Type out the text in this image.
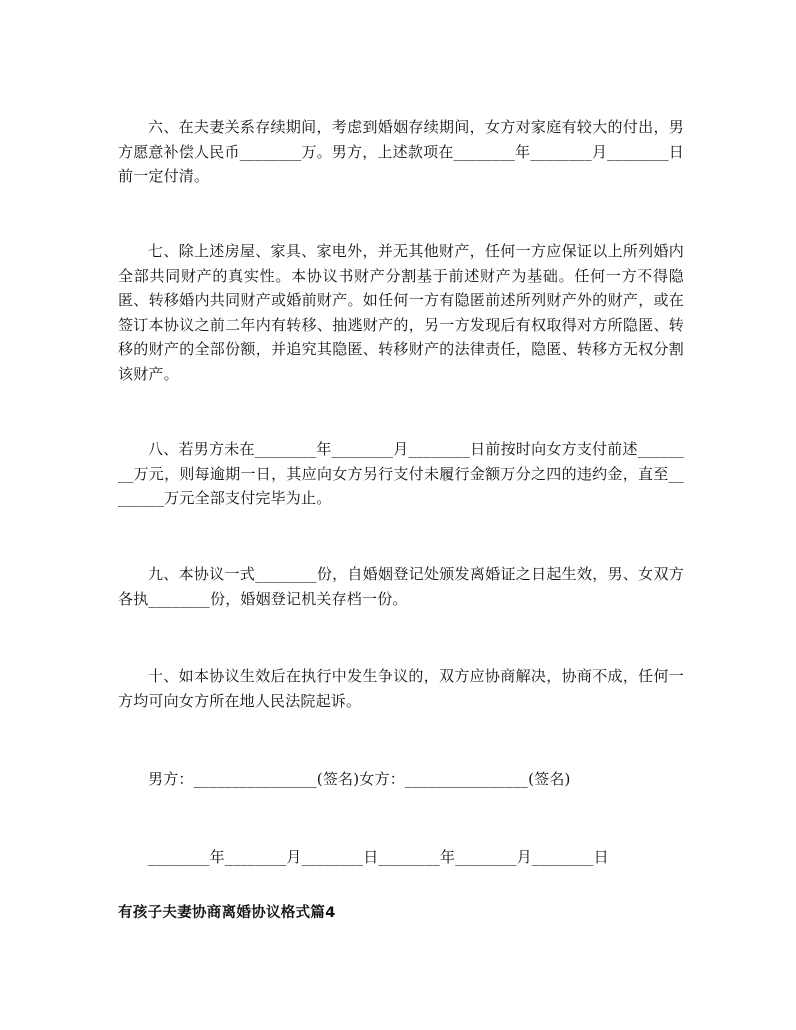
六、在夫妻关系存续期间，考虑到婚姻存续期间，女方对家庭有较大的付出，男方愿意补偿人民币________万。男方，上述款项在________年________月________日前一定付清。

七、除上述房屋、家具、家电外，并无其他财产，任何一方应保证以上所列婚内全部共同财产的真实性。本协议书财产分割基于前述财产为基础。任何一方不得隐匿、转移婚内共同财产或婚前财产。如任何一方有隐匿前述所列财产外的财产，或在签订本协议之前二年内有转移、抽逃财产的，另一方发现后有权取得对方所隐匿、转移的财产的全部份额，并追究其隐匿、转移财产的法律责任，隐匿、转移方无权分割该财产。

八、若男方未在________年________月________日前按时向女方支付前述________万元，则每逾期一日，其应向女方另行支付未履行金额万分之四的违约金，直至________万元全部支付完毕为止。

九、本协议一式________份，自婚姻登记处颁发离婚证之日起生效，男、女双方各执________份，婚姻登记机关存档一份。

十、如本协议生效后在执行中发生争议的，双方应协商解决，协商不成，任何一方均可向女方所在地人民法院起诉。

男方：________________(签名)女方：________________(签名)

________年________月________日________年________月________日

有孩子夫妻协商离婚协议格式篇4
